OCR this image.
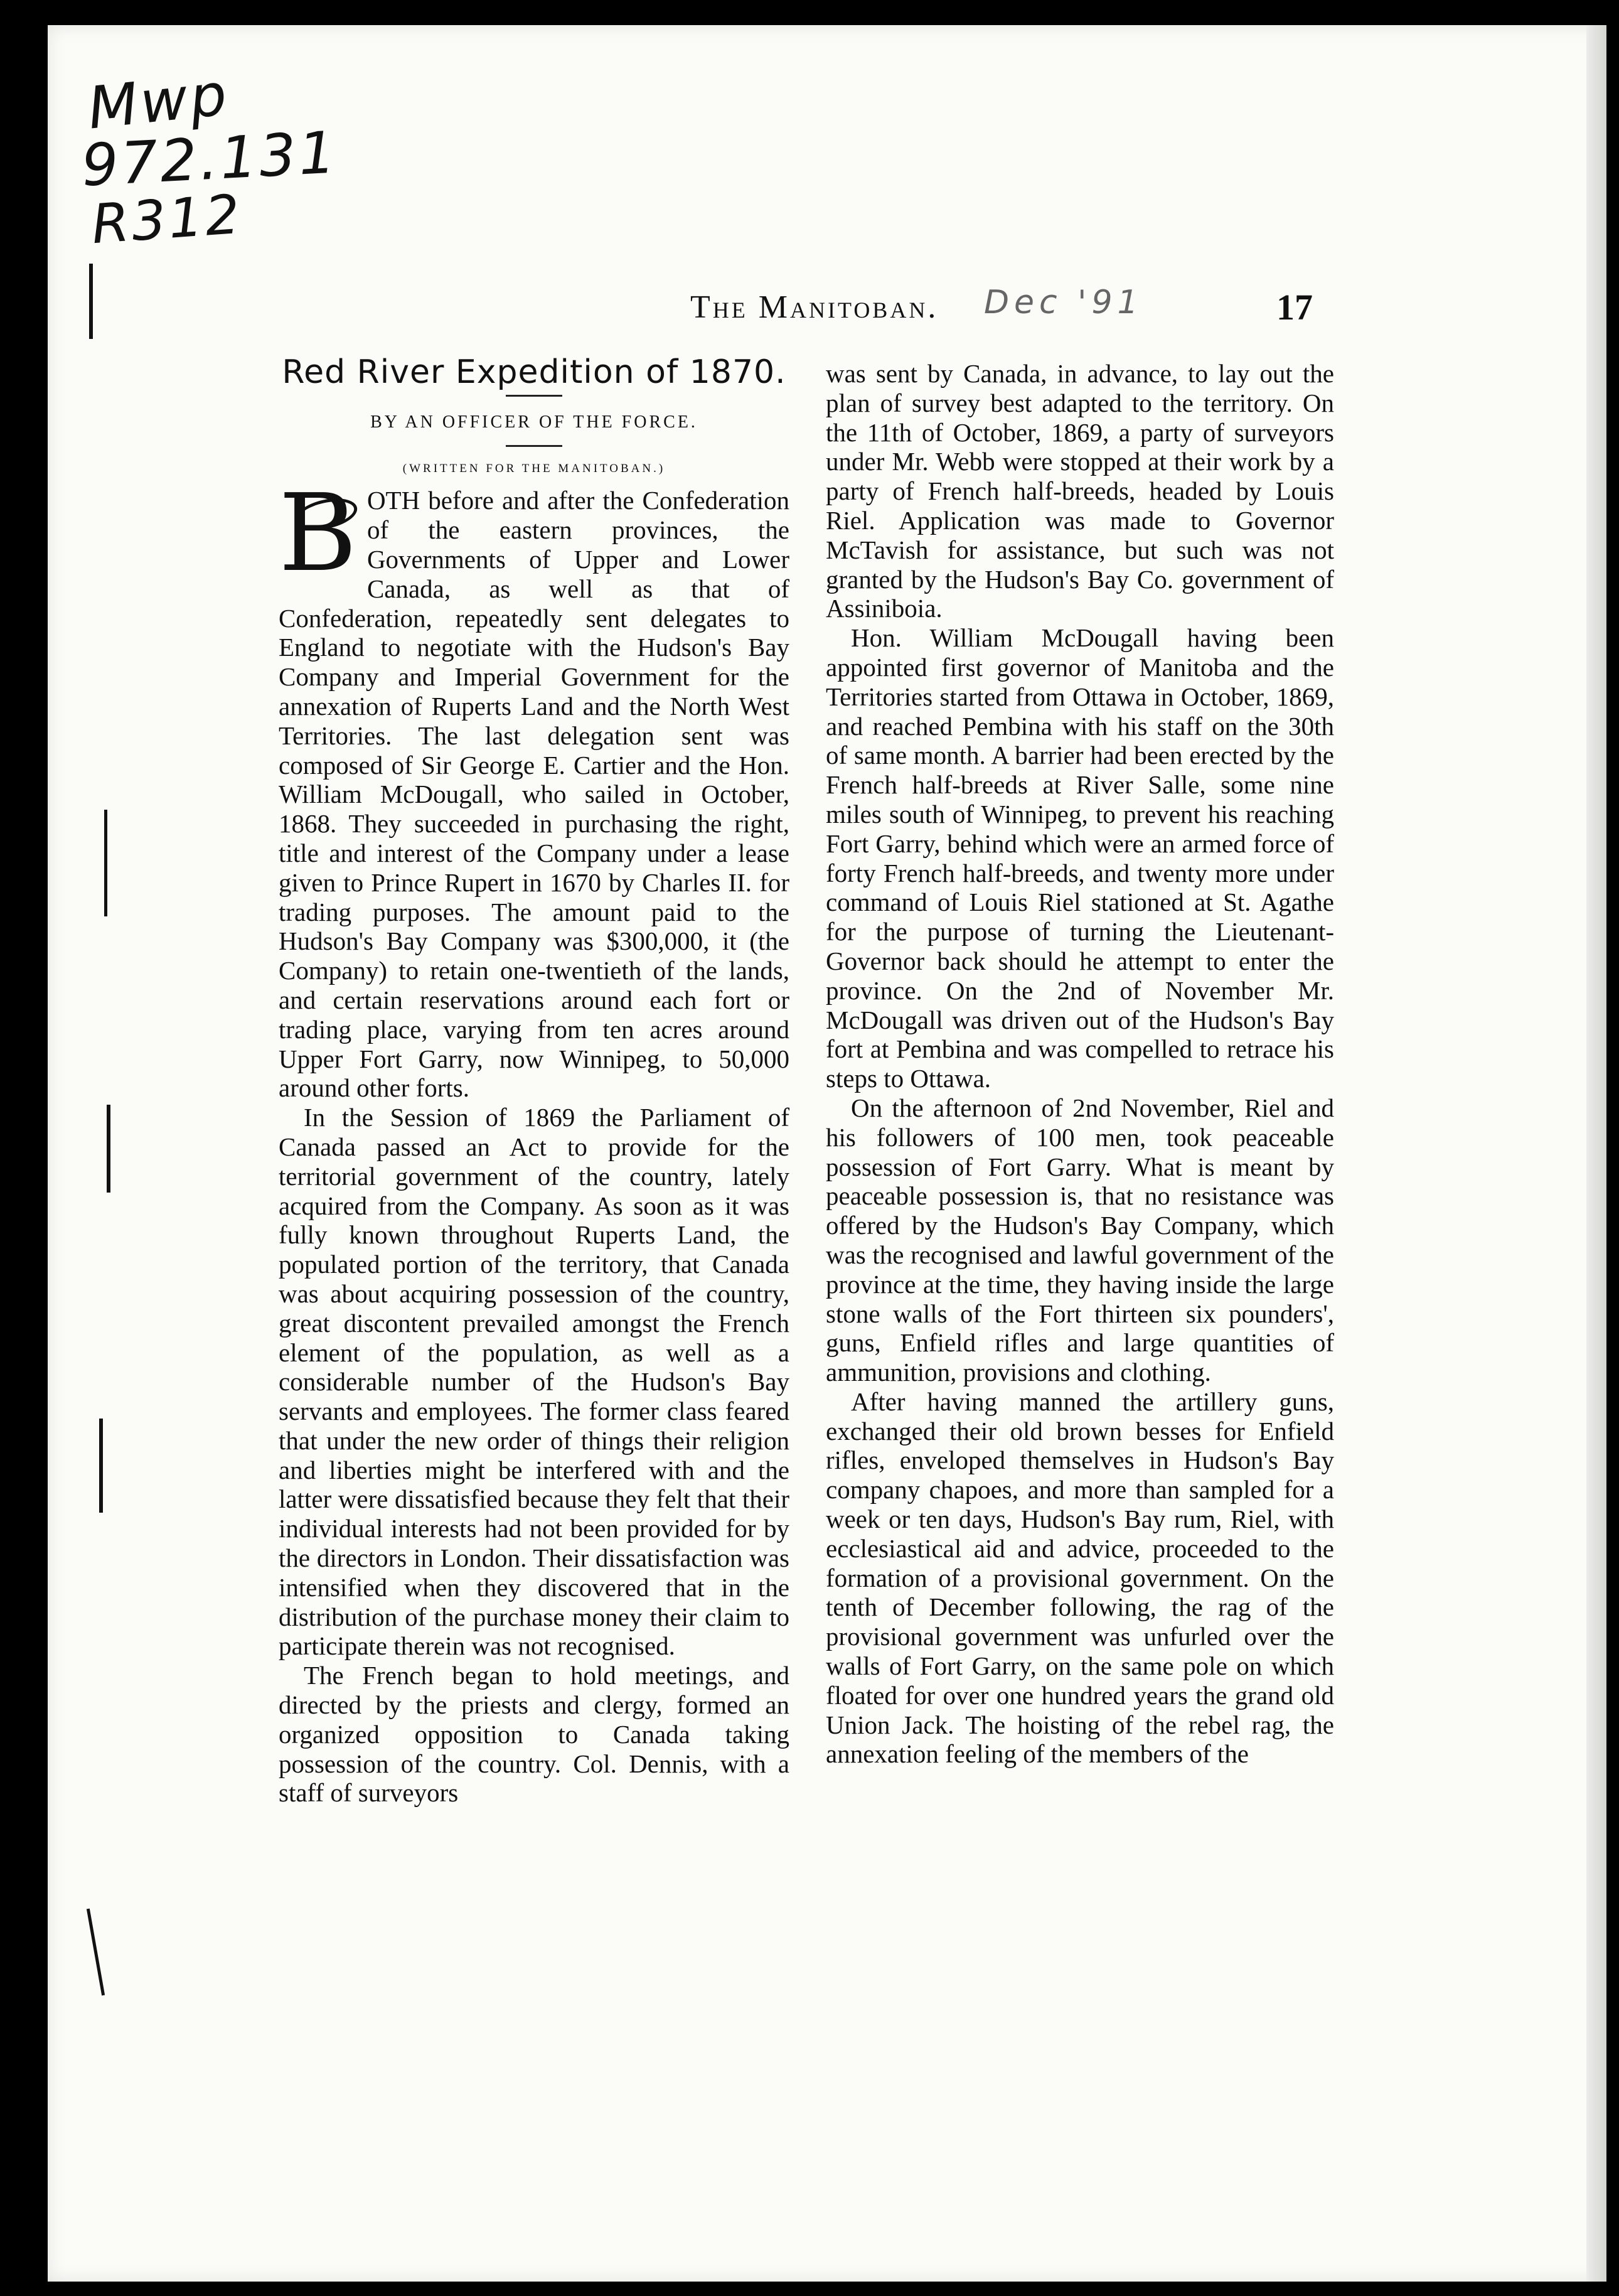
Mwp
972.131
R312
The Manitoban. Dec '91	17
Red River Expedition of 1870.
BY AN OFFICER OF THE FORCE.
(WRITTEN FOR THE MANITOBAN.)

B OTH before and after the Confederation of the eastern provinces, the Governments of Upper and Lower Canada, as well as that of Confederation, repeatedly sent delegates to England to negotiate with the Hudson's Bay Company and Imperial Government for the annexation of Ruperts Land and the North West Territories. The last delegation sent was composed of Sir George E. Cartier and the Hon. William McDougall, who sailed in October, 1868. They succeeded in purchasing the right, title and interest of the Company under a lease given to Prince Rupert in 1670 by Charles II. for trading purposes. The amount paid to the Hudson's Bay Company was $300,000, it (the Company) to retain one-twentieth of the lands, and certain reservations around each fort or trading place, varying from ten acres around Upper Fort Garry, now Winnipeg, to 50,000 around other forts.

In the Session of 1869 the Parliament of Canada passed an Act to provide for the territorial government of the country, lately acquired from the Company. As soon as it was fully known throughout Ruperts Land, the populated portion of the territory, that Canada was about acquiring possession of the country, great discontent prevailed amongst the French element of the population, as well as a considerable number of the Hudson's Bay servants and employees. The former class feared that under the new order of things their religion and liberties might be interfered with and the latter were dissatisfied because they felt that their individual interests had not been provided for by the directors in London. Their dissatisfaction was intensified when they discovered that in the distribution of the purchase money their claim to participate therein was not recognised.

The French began to hold meetings, and directed by the priests and clergy, formed an organized opposition to Canada taking possession of the country. Col. Dennis, with a staff of surveyors

was sent by Canada, in advance, to lay out the plan of survey best adapted to the territory. On the 11th of October, 1869, a party of surveyors under Mr. Webb were stopped at their work by a party of French half-breeds, headed by Louis Riel. Application was made to Governor McTavish for assistance, but such was not granted by the Hudson's Bay Co. government of Assiniboia.

Hon. William McDougall having been appointed first governor of Manitoba and the Territories started from Ottawa in October, 1869, and reached Pembina with his staff on the 30th of same month. A barrier had been erected by the French half-breeds at River Salle, some nine miles south of Winnipeg, to prevent his reaching Fort Garry, behind which were an armed force of forty French half-breeds, and twenty more under command of Louis Riel stationed at St. Agathe for the purpose of turning the Lieutenant-Governor back should he attempt to enter the province. On the 2nd of November Mr. McDougall was driven out of the Hudson's Bay fort at Pembina and was compelled to retrace his steps to Ottawa.

On the afternoon of 2nd November, Riel and his followers of 100 men, took peaceable possession of Fort Garry. What is meant by peaceable possession is, that no resistance was offered by the Hudson's Bay Company, which was the recognised and lawful government of the province at the time, they having inside the large stone walls of the Fort thirteen six pounders', guns, Enfield rifles and large quantities of ammunition, provisions and clothing.

After having manned the artillery guns, exchanged their old brown besses for Enfield rifles, enveloped themselves in Hudson's Bay company chapoes, and more than sampled for a week or ten days, Hudson's Bay rum, Riel, with ecclesiastical aid and advice, proceeded to the formation of a provisional government. On the tenth of December following, the rag of the provisional government was unfurled over the walls of Fort Garry, on the same pole on which floated for over one hundred years the grand old Union Jack. The hoisting of the rebel rag, the annexation feeling of the members of the
